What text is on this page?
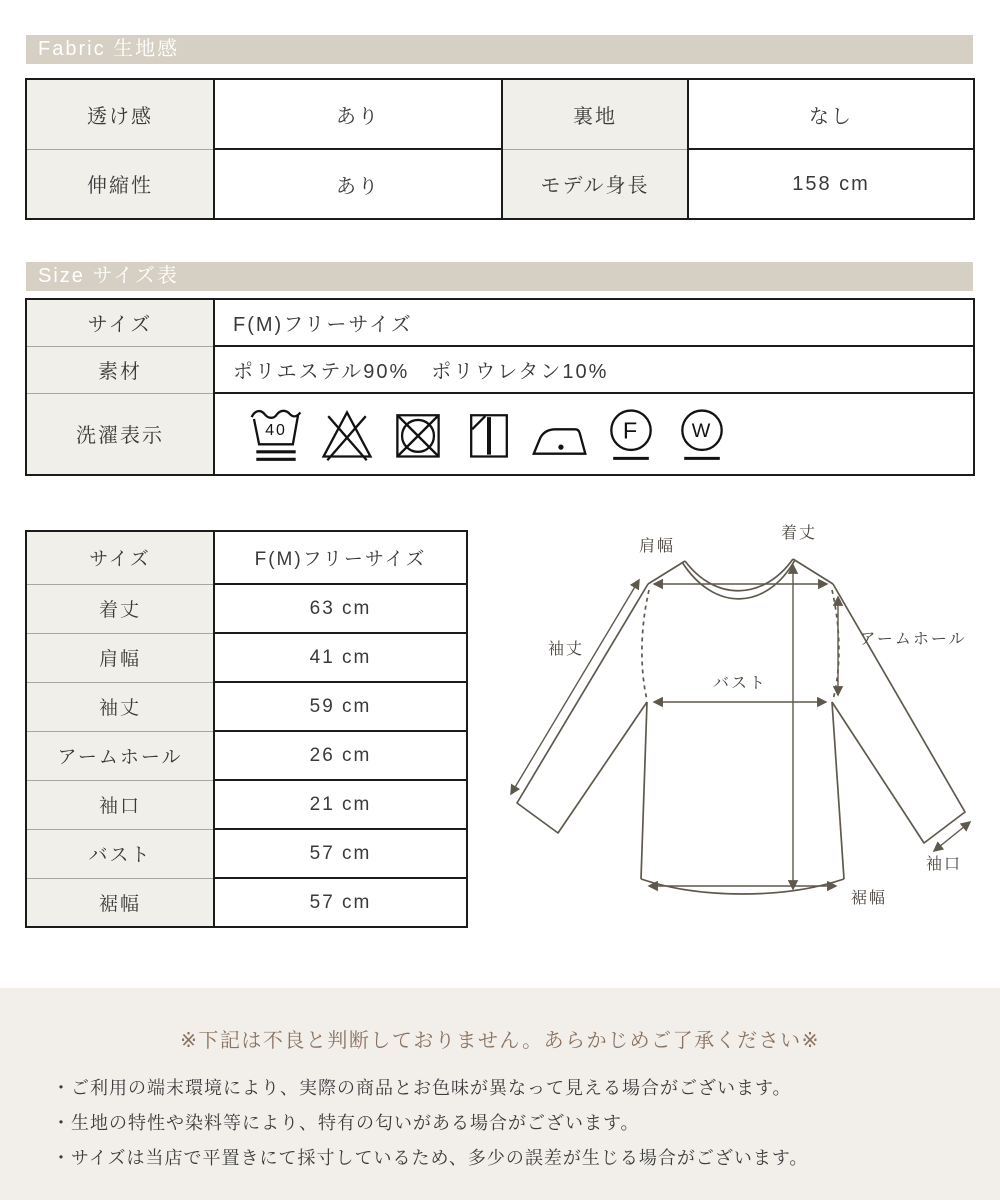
Fabric 生地感
透け感	あり	裏地	なし
伸縮性	あり	モデル身長	158 cm
Size サイズ表
サイズ	F(M)フリーサイズ
素材	ポリエステル90%　ポリウレタン10%
洗濯表示	40 F W
サイズ	F(M)フリーサイズ
着丈	63 cm
肩幅	41 cm
袖丈	59 cm
アームホール	26 cm
袖口	21 cm
バスト	57 cm
裾幅	57 cm
肩幅
着丈
袖丈
アームホール
バスト
袖口
裾幅

※下記は不良と判断しておりません。あらかじめご了承ください※

・ご利用の端末環境により、実際の商品とお色味が異なって見える場合がございます。
・生地の特性や染料等により、特有の匂いがある場合がございます。
・サイズは当店で平置きにて採寸しているため、多少の誤差が生じる場合がございます。
